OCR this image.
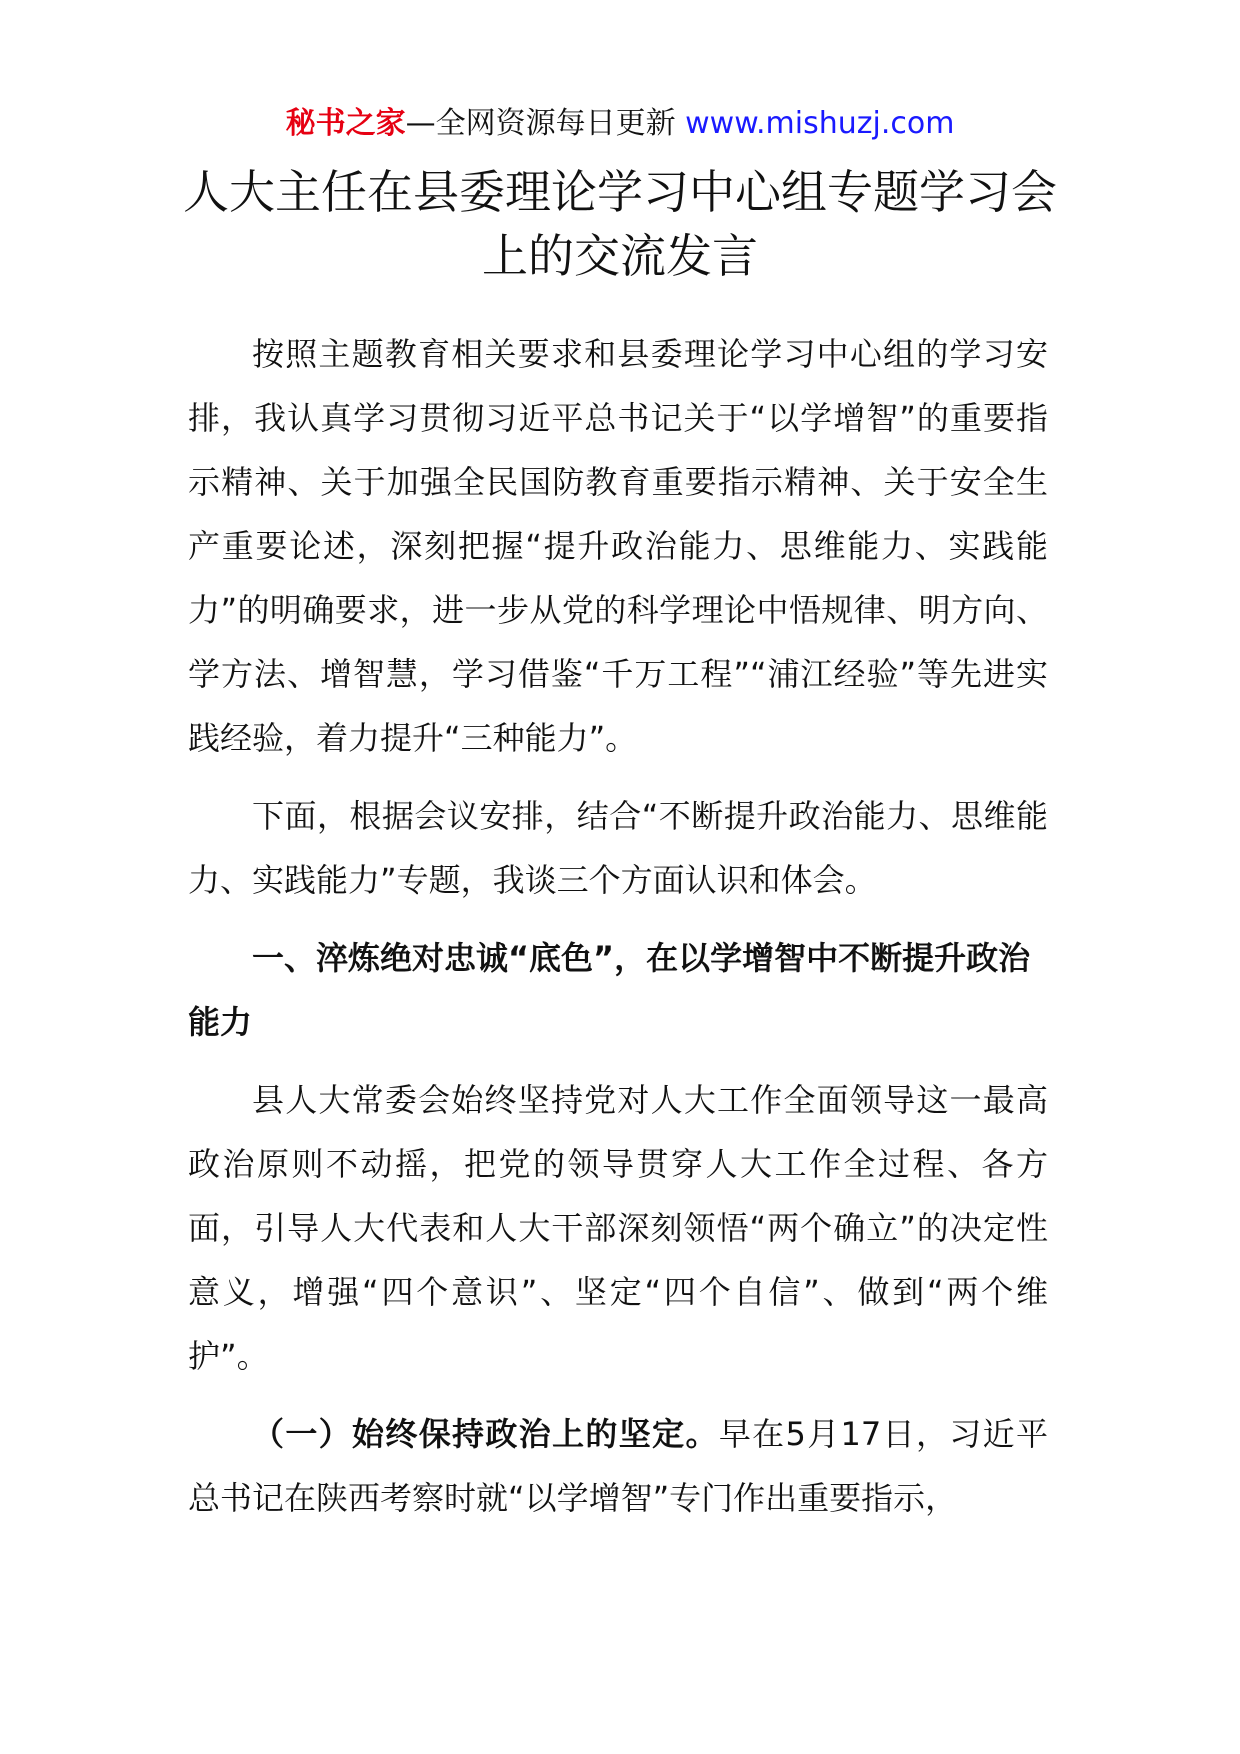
秘书之家—全网资源每日更新 www.mishuzj.com
人大主任在县委理论学习中心组专题学习会上的交流发言

按照主题教育相关要求和县委理论学习中心组的学习安排，我认真学习贯彻习近平总书记关于“以学增智”的重要指示精神、关于加强全民国防教育重要指示精神、关于安全生产重要论述，深刻把握“提升政治能力、思维能力、实践能力”的明确要求，进一步从党的科学理论中悟规律、明方向、学方法、增智慧，学习借鉴“千万工程”“浦江经验”等先进实践经验，着力提升“三种能力”。

下面，根据会议安排，结合“不断提升政治能力、思维能力、实践能力”专题，我谈三个方面认识和体会。

一、淬炼绝对忠诚“底色”，在以学增智中不断提升政治能力

县人大常委会始终坚持党对人大工作全面领导这一最高政治原则不动摇，把党的领导贯穿人大工作全过程、各方面，引导人大代表和人大干部深刻领悟“两个确立”的决定性意义，增强“四个意识”、坚定“四个自信”、做到“两个维护”。

（一）始终保持政治上的坚定。早在5月17日，习近平总书记在陕西考察时就“以学增智”专门作出重要指示，
